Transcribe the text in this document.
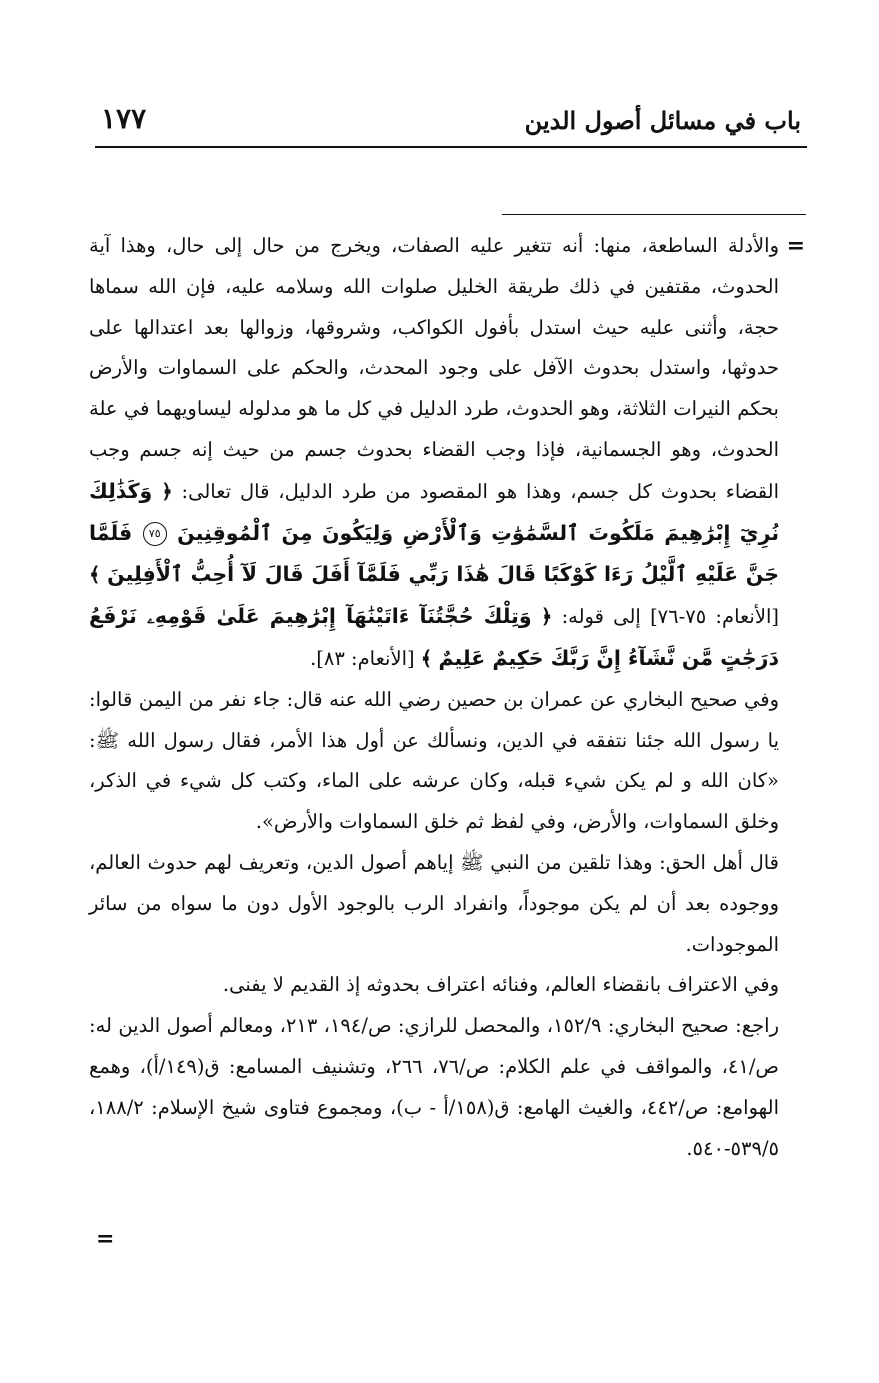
باب في مسائل أصول الدين
١٧٧
=

والأدلة الساطعة، منها: أنه تتغير عليه الصفات، ويخرج من حال إلى حال، وهذا آية الحدوث، مقتفين في ذلك طريقة الخليل صلوات الله وسلامه عليه، فإن الله سماها حجة، وأثنى عليه حيث استدل بأفول الكواكب، وشروقها، وزوالها بعد اعتدالها على حدوثها، واستدل بحدوث الآفل على وجود المحدث، والحكم على السماوات والأرض بحكم النيرات الثلاثة، وهو الحدوث، طرد الدليل في كل ما هو مدلوله ليساويهما في علة الحدوث، وهو الجسمانية، فإذا وجب القضاء بحدوث جسم من حيث إنه جسم وجب القضاء بحدوث كل جسم، وهذا هو المقصود من طرد الدليل، قال تعالى: ﴿ وَكَذَٰلِكَ نُرِيٓ إِبْرَٰهِيمَ مَلَكُوتَ ٱلسَّمَٰوَٰتِ وَٱلْأَرْضِ وَلِيَكُونَ مِنَ ٱلْمُوقِنِينَ ٧٥ فَلَمَّا جَنَّ عَلَيْهِ ٱلَّيْلُ رَءَا كَوْكَبًا قَالَ هَٰذَا رَبِّي فَلَمَّآ أَفَلَ قَالَ لَآ أُحِبُّ ٱلْأَفِلِينَ ﴾ [الأنعام: ٧٥-٧٦] إلى قوله: ﴿ وَتِلْكَ حُجَّتُنَآ ءَاتَيْنَٰهَآ إِبْرَٰهِيمَ عَلَىٰ قَوْمِهِۦ نَرْفَعُ دَرَجَٰتٍ مَّن نَّشَآءُ إِنَّ رَبَّكَ حَكِيمٌ عَلِيمٌ ﴾ [الأنعام: ٨٣].

وفي صحيح البخاري عن عمران بن حصين رضي الله عنه قال: جاء نفر من اليمن قالوا: يا رسول الله جئنا نتفقه في الدين، ونسألك عن أول هذا الأمر، فقال رسول الله ﷺ: «كان الله و لم يكن شيء قبله، وكان عرشه على الماء، وكتب كل شيء في الذكر، وخلق السماوات، والأرض، وفي لفظ ثم خلق السماوات والأرض».

قال أهل الحق: وهذا تلقين من النبي ﷺ إياهم أصول الدين، وتعريف لهم حدوث العالم، ووجوده بعد أن لم يكن موجوداً، وانفراد الرب بالوجود الأول دون ما سواه من سائر الموجودات.

وفي الاعتراف بانقضاء العالم، وفنائه اعتراف بحدوثه إذ القديم لا يفنى.

راجع: صحيح البخاري: ١٥٢/٩، والمحصل للرازي: ص/١٩٤، ٢١٣، ومعالم أصول الدين له: ص/٤١، والمواقف في علم الكلام: ص/٧٦، ٢٦٦، وتشنيف المسامع: ق(١٤٩/أ)، وهمع الهوامع: ص/٤٤٢، والغيث الهامع: ق(١٥٨/أ - ب)، ومجموع فتاوى شيخ الإسلام: ١٨٨/٢، ٥٣٩/٥-٥٤٠.

=
